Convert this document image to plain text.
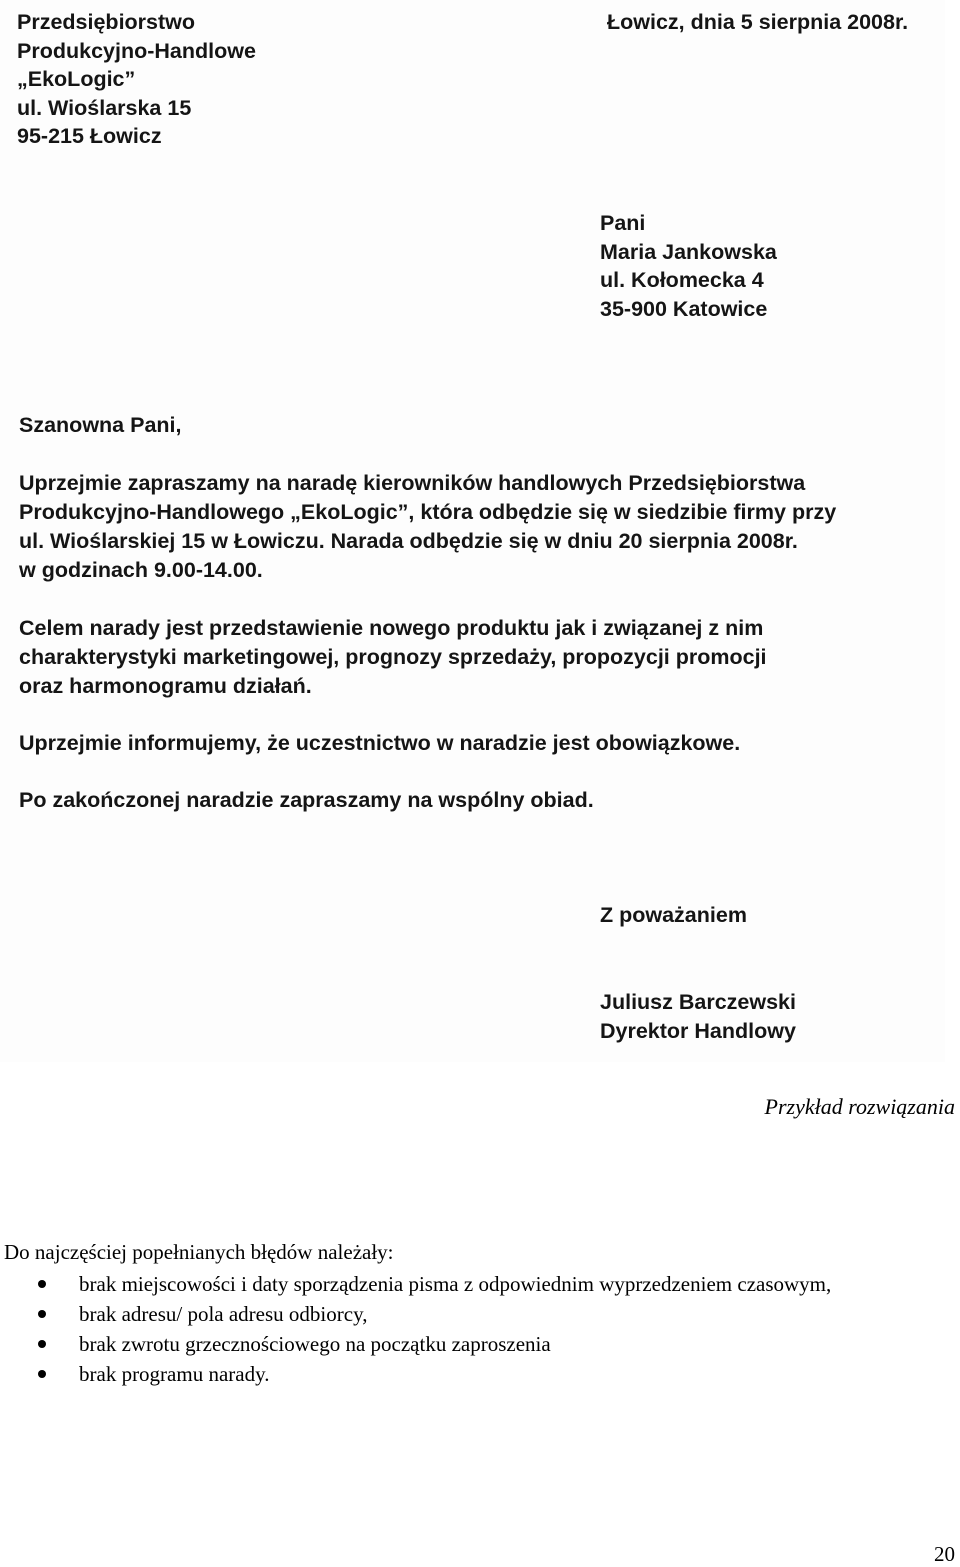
Przedsiębiorstwo
Produkcyjno-Handlowe
„EkoLogic”
ul. Wioślarska 15
95-215 Łowicz
Łowicz, dnia 5 sierpnia 2008r.
Pani
Maria Jankowska
ul. Kołomecka 4
35-900 Katowice
Szanowna Pani,
Uprzejmie zapraszamy na naradę kierowników handlowych Przedsiębiorstwa
Produkcyjno-Handlowego „EkoLogic”, która odbędzie się w siedzibie firmy przy
ul. Wioślarskiej 15 w Łowiczu. Narada odbędzie się w dniu 20 sierpnia 2008r.
w godzinach 9.00-14.00.
Celem narady jest przedstawienie nowego produktu jak i związanej z nim
charakterystyki marketingowej, prognozy sprzedaży, propozycji promocji
oraz harmonogramu działań.
Uprzejmie informujemy, że uczestnictwo w naradzie jest obowiązkowe.
Po zakończonej naradzie zapraszamy na wspólny obiad.
Z poważaniem
Juliusz Barczewski
Dyrektor Handlowy
Przykład rozwiązania
Do najczęściej popełnianych błędów należały:
brak miejscowości i daty sporządzenia pisma z odpowiednim wyprzedzeniem czasowym,
brak adresu/ pola adresu odbiorcy,
brak zwrotu grzecznościowego na początku zaproszenia
brak programu narady.
20
